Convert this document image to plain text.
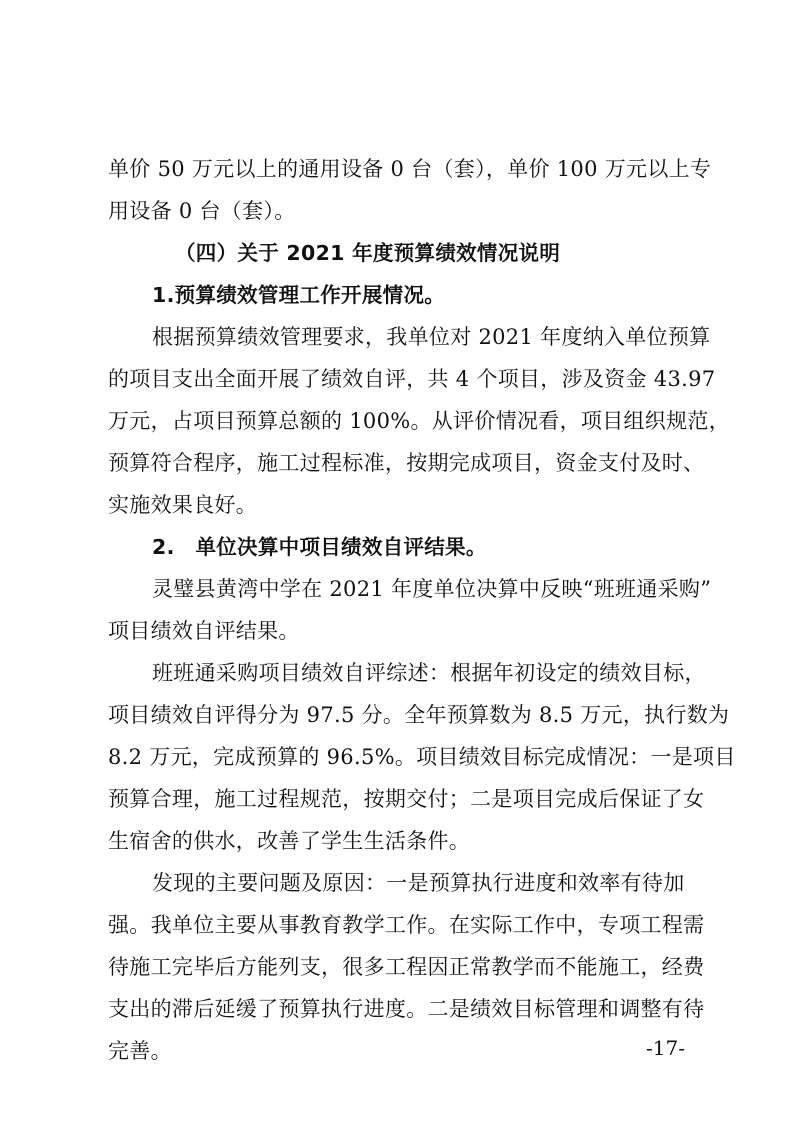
单价 50 万元以上的通用设备 0 台（套），单价 100 万元以上专
用设备 0 台（套）。
（四）关于 2021 年度预算绩效情况说明
1.预算绩效管理工作开展情况。
根据预算绩效管理要求，我单位对 2021 年度纳入单位预算
的项目支出全面开展了绩效自评，共 4 个项目，涉及资金 43.97
万元，占项目预算总额的 100%。从评价情况看，项目组织规范，
预算符合程序，施工过程标准，按期完成项目，资金支付及时、
实施效果良好。
2.　单位决算中项目绩效自评结果。
灵璧县黄湾中学在 2021 年度单位决算中反映“班班通采购”
项目绩效自评结果。
班班通采购项目绩效自评综述：根据年初设定的绩效目标，
项目绩效自评得分为 97.5 分。全年预算数为 8.5 万元，执行数为
8.2 万元，完成预算的 96.5%。项目绩效目标完成情况：一是项目
预算合理，施工过程规范，按期交付；二是项目完成后保证了女
生宿舍的供水，改善了学生生活条件。
发现的主要问题及原因：一是预算执行进度和效率有待加
强。我单位主要从事教育教学工作。在实际工作中，专项工程需
待施工完毕后方能列支，很多工程因正常教学而不能施工，经费
支出的滞后延缓了预算执行进度。二是绩效目标管理和调整有待
完善。	-17-
